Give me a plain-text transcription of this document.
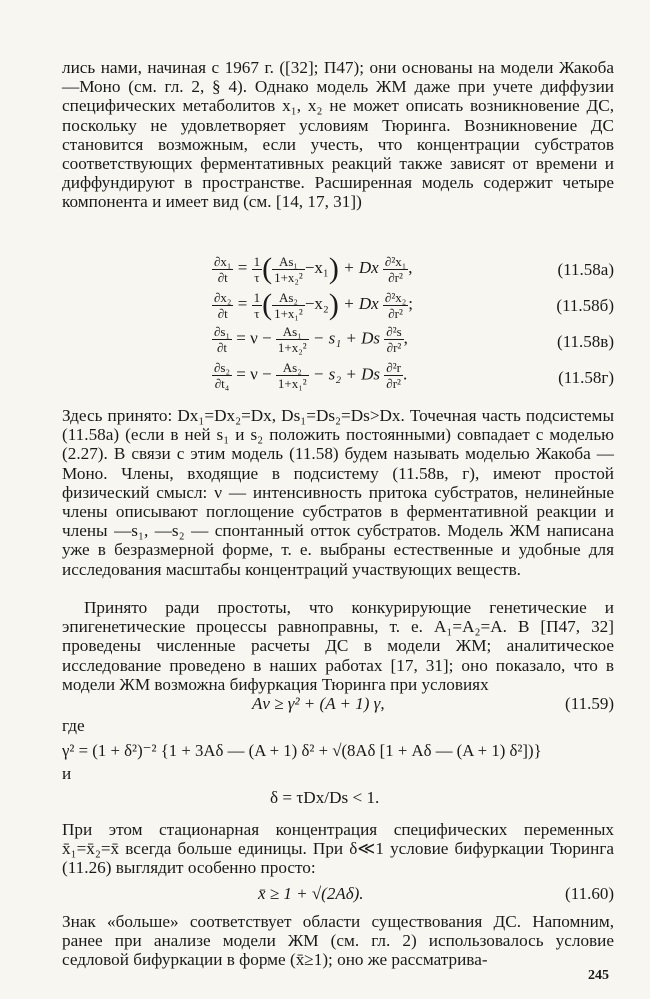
лись нами, начиная с 1967 г. ([32]; П47); они основаны на модели Жакоба—Моно (см. гл. 2, § 4). Однако модель ЖМ даже при учете диффузии специфических метаболитов x₁, x₂ не может описать возникновение ДС, поскольку не удовлетворяет условиям Тюринга. Возникновение ДС становится возможным, если учесть, что концентрации субстратов соответствующих ферментативных реакций также зависят от времени и диффундируют в пространстве. Расширенная модель содержит четыре компонента и имеет вид (см. [14, 17, 31])
$\frac{\text{∂x₁}}{\partial t} = \frac{1}{\tau}$ ( $\frac{\text{As₁}}{\text{1+x₂²}} -x_1) + Dx \frac{\text{∂²x₁}}{\text{∂r²}}$ ,	(11.58а)
$\frac{\text{∂x₂}}{\partial t} = \frac{1}{\tau}$ ( $\frac{\text{As₂}}{\text{1+x₁²}} -x_2) + Dx \frac{\text{∂²x₂}}{\text{∂r²}}$ ;	(11.58б)
$\frac{\text{∂s₁}}{\partial t} = \nu - \frac{\text{As₁}}{\text{1+x₂²}} - s_1 + Ds \frac{\text{∂²s}}{\text{∂r²}}$ ,	(11.58в)
$\frac{\text{∂s₂}}{\text{∂t₄}} = \nu - \frac{\text{As₂}}{\text{1+x₁²}} - s_2 + Ds \frac{\text{∂²r}}{\text{∂r²}}$ .	(11.58г)
Здесь принято: Dx₁=Dx₂=Dx, Ds₁=Ds₂=Ds>Dx. Точечная часть подсистемы (11.58а) (если в ней s₁ и s₂ положить постоянными) совпадает с моделью (2.27). В связи с этим модель (11.58) будем называть моделью Жакоба — Моно. Члены, входящие в подсистему (11.58в, г), имеют простой физический смысл: ν — интенсивность притока субстратов, нелинейные члены описывают поглощение субстратов в ферментативной реакции и члены —s₁, —s₂ — спонтанный отток субстратов. Модель ЖМ написана уже в безразмерной форме, т. е. выбраны естественные и удобные для исследования масштабы концентраций участвующих веществ.
Принято ради простоты, что конкурирующие генетические и эпигенетические процессы равноправны, т. е. A₁=A₂=A. В [П47, 32] проведены численные расчеты ДС в модели ЖМ; аналитическое исследование проведено в наших работах [17, 31]; оно показало, что в модели ЖМ возможна бифуркация Тюринга при условиях
Aν ≥ γ² + (A + 1) γ,	(11.59)
где
γ² = (1 + δ²)⁻² {1 + 3Aδ — (A + 1) δ² + √(8Aδ [1 + Aδ — (A + 1) δ²])}
и
δ = τDx/Ds < 1.
При этом стационарная концентрация специфических переменных x̄₁=x̄₂=x̄ всегда больше единицы. При δ≪1 условие бифуркации Тюринга (11.26) выглядит особенно просто:
x̄ ≥ 1 + √(2Aδ).	(11.60)
Знак «больше» соответствует области существования ДС. Напомним, ранее при анализе модели ЖМ (см. гл. 2) использовалось условие седловой бифуркации в форме (x̄≥1); оно же рассматрива-
245
